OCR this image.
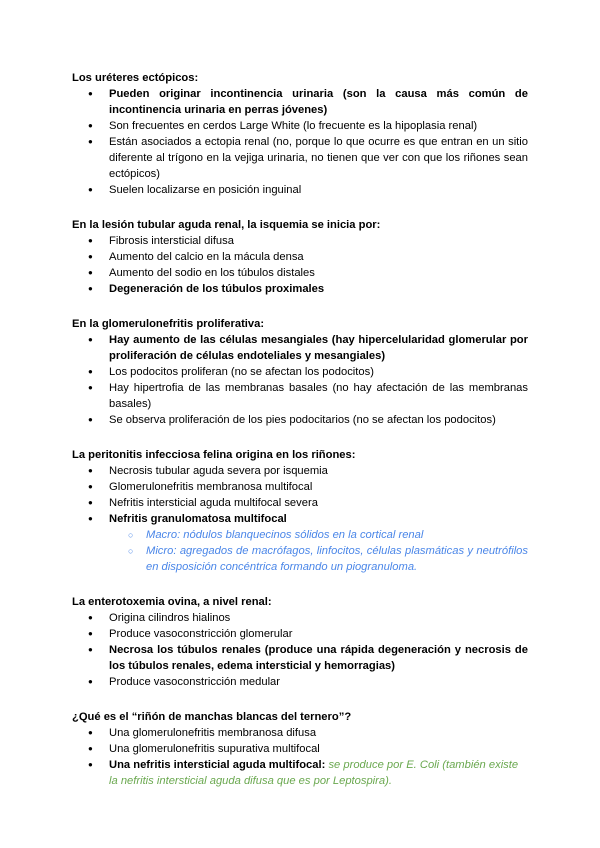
Los uréteres ectópicos:

● Pueden originar incontinencia urinaria (son la causa más común de incontinencia urinaria en perras jóvenes)
● Son frecuentes en cerdos Large White (lo frecuente es la hipoplasia renal)
● Están asociados a ectopia renal (no, porque lo que ocurre es que entran en un sitio diferente al trígono en la vejiga urinaria, no tienen que ver con que los riñones sean ectópicos)
● Suelen localizarse en posición inguinal

En la lesión tubular aguda renal, la isquemia se inicia por:

● Fibrosis intersticial difusa
● Aumento del calcio en la mácula densa
● Aumento del sodio en los túbulos distales
● Degeneración de los túbulos proximales

En la glomerulonefritis proliferativa:

● Hay aumento de las células mesangiales (hay hipercelularidad glomerular por proliferación de células endoteliales y mesangiales)
● Los podocitos proliferan (no se afectan los podocitos)
● Hay hipertrofia de las membranas basales (no hay afectación de las membranas basales)
● Se observa proliferación de los pies podocitarios (no se afectan los podocitos)

La peritonitis infecciosa felina origina en los riñones:

● Necrosis tubular aguda severa por isquemia
● Glomerulonefritis membranosa multifocal
● Nefritis intersticial aguda multifocal severa
● Nefritis granulomatosa multifocal
○ Macro: nódulos blanquecinos sólidos en la cortical renal
○ Micro: agregados de macrófagos, linfocitos, células plasmáticas y neutrófilos en disposición concéntrica formando un piogranuloma.

La enterotoxemia ovina, a nivel renal:

● Origina cilindros hialinos
● Produce vasoconstricción glomerular
● Necrosa los túbulos renales (produce una rápida degeneración y necrosis de los túbulos renales, edema intersticial y hemorragias)
● Produce vasoconstricción medular

¿Qué es el “riñón de manchas blancas del ternero”?

● Una glomerulonefritis membranosa difusa
● Una glomerulonefritis supurativa multifocal
● Una nefritis intersticial aguda multifocal: se produce por E. Coli (también existe la nefritis intersticial aguda difusa que es por Leptospira).
